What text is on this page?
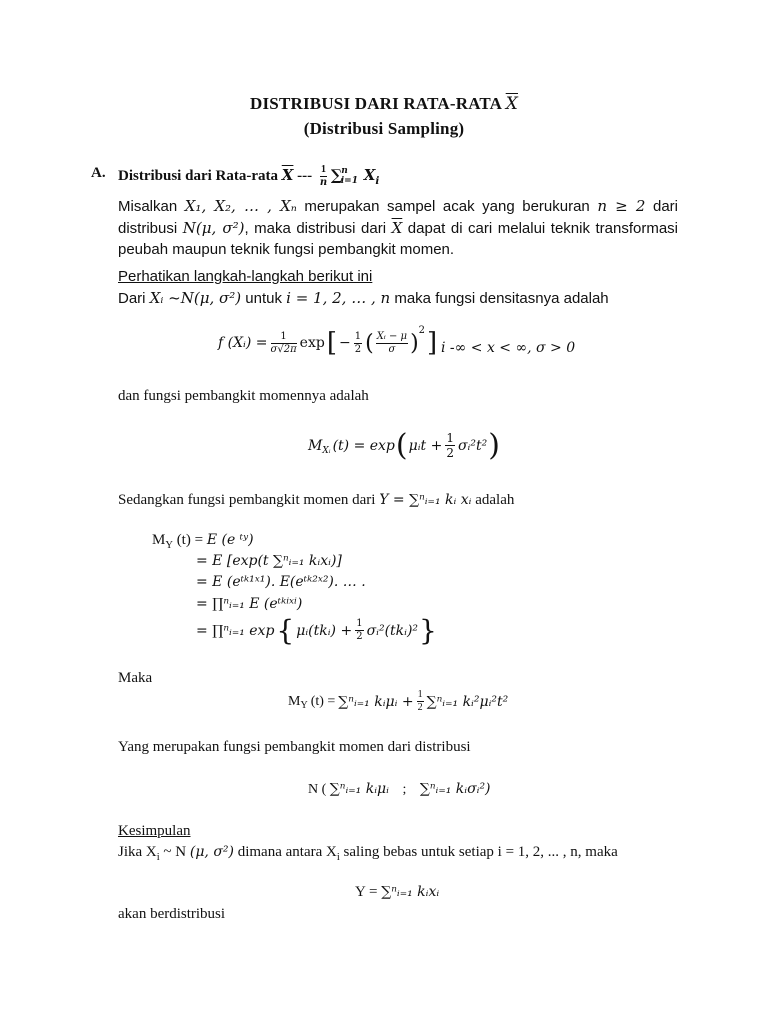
DISTRIBUSI DARI RATA-RATA $\overline{X}$
(Distribusi Sampling)
A. Distribusi dari Rata-rata $\overline{X}$ --- $\frac{1}{n} \sum^n_{i=1}$ $X_i$
Misalkan X₁, X₂, … , Xₙ merupakan sampel acak yang berukuran n ≥ 2 dari distribusi N(μ, σ²), maka distribusi dari $\overline{X}$ dapat di cari melalui teknik transformasi peubah maupun teknik fungsi pembangkit momen.
Perhatikan langkah-langkah berikut ini
Dari Xᵢ ~N(μ, σ²) untuk i = 1, 2, … , n maka fungsi densitasnya adalah
f (Xᵢ) = $\frac{1}{\sigma√2\pi}$ exp [ − $\frac{1}{2}$ ( $\frac{\text{Xᵢ − μ}}{\sigma} )^2$ ] i -∞ < x < ∞, σ > 0
dan fungsi pembangkit momennya adalah
$M_{Xᵢ}$ (t) = exp ( μᵢt + $\frac{1}{2}$ σᵢ²t² )
Sedangkan fungsi pembangkit momen dari Y = ∑ⁿᵢ₌₁ kᵢ xᵢ adalah
$M_Y$ (t) = E (e ᵗʸ)
= E [exp(t ∑ⁿᵢ₌₁ kᵢxᵢ)]
= E (eᵗᵏ¹ˣ¹). E(eᵗᵏ²ˣ²). … .
= ∏ⁿᵢ₌₁ E (eᵗᵏⁱˣⁱ)
= ∏ⁿᵢ₌₁ exp { μᵢ(tkᵢ) + $\frac{1}{2}$ σᵢ²(tkᵢ)² }
Maka
$M_Y$ (t) = ∑ⁿᵢ₌₁ kᵢμᵢ + $\frac{1}{2}$ ∑ⁿᵢ₌₁ kᵢ²μᵢ²t²
Yang merupakan fungsi pembangkit momen dari distribusi
N ( ∑ⁿᵢ₌₁ kᵢμᵢ ; ∑ⁿᵢ₌₁ kᵢσᵢ²)
Kesimpulan
Jika $X_i$ ~ N (μ, σ²) dimana antara $X_i$ saling bebas untuk setiap i = 1, 2, ... , n, maka
Y = ∑ⁿᵢ₌₁ kᵢxᵢ
akan berdistribusi
